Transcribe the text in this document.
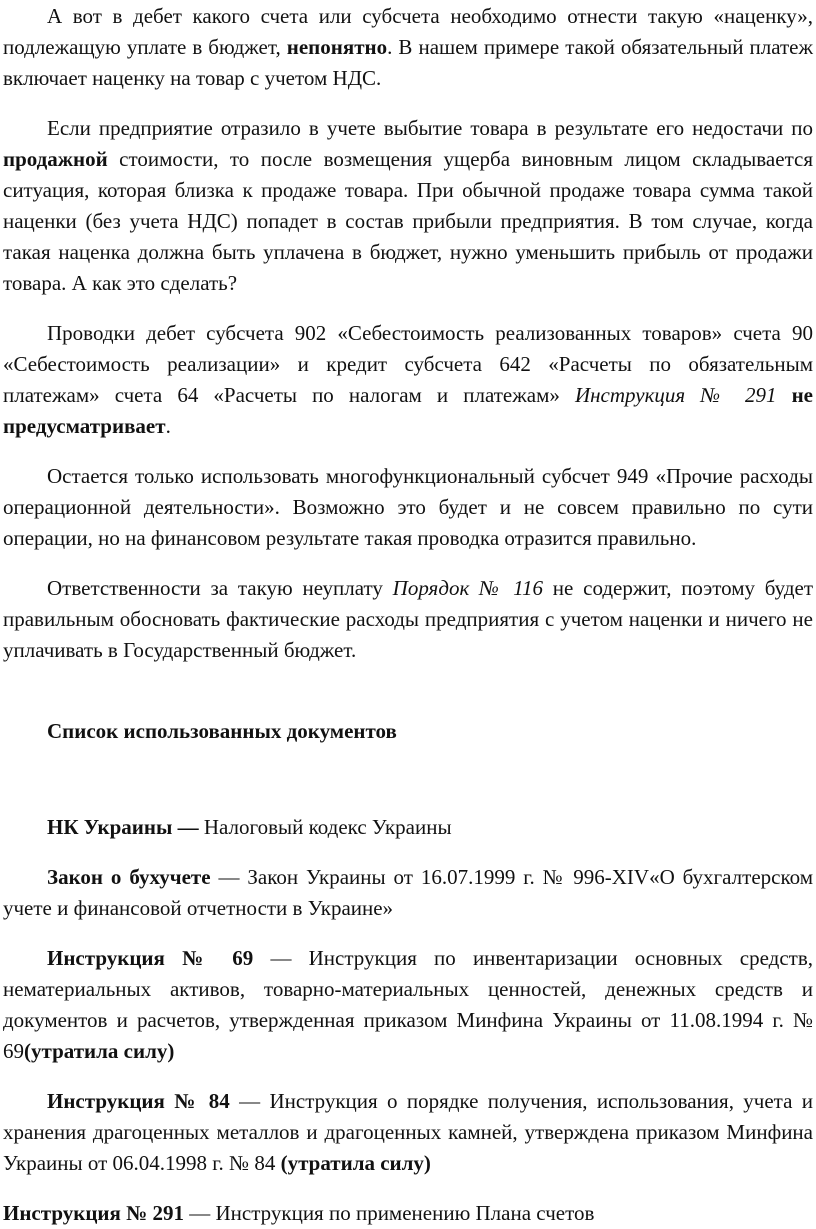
А вот в дебет какого счета или субсчета необходимо отнести такую «наценку», подлежащую уплате в бюджет, непонятно. В нашем примере такой обязательный платеж включает наценку на товар с учетом НДС.

Если предприятие отразило в учете выбытие товара в результате его недостачи по продажной стоимости, то после возмещения ущерба виновным лицом складывается ситуация, которая близка к продаже товара. При обычной продаже товара сумма такой наценки (без учета НДС) попадет в состав прибыли предприятия. В том случае, когда такая наценка должна быть уплачена в бюджет, нужно уменьшить прибыль от продажи товара. А как это сделать?

Проводки дебет субсчета 902 «Себестоимость реализованных товаров» счета 90 «Себестоимость реализации» и кредит субсчета 642 «Расчеты по обязательным платежам» счета 64 «Расчеты по налогам и платежам» Инструкция № 291 не предусматривает.

Остается только использовать многофункциональный субсчет 949 «Прочие расходы операционной деятельности». Возможно это будет и не совсем правильно по сути операции, но на финансовом результате такая проводка отразится правильно.

Ответственности за такую неуплату Порядок № 116 не содержит, поэтому будет правильным обосновать фактические расходы предприятия с учетом наценки и ничего не уплачивать в Государственный бюджет.

Список использованных документов

НК Украины — Налоговый кодекс Украины

Закон о бухучете — Закон Украины от 16.07.1999 г. № 996-XIV«О бухгалтерском учете и финансовой отчетности в Украине»

Инструкция № 69 — Инструкция по инвентаризации основных средств, нематериальных активов, товарно-материальных ценностей, денежных средств и документов и расчетов, утвержденная приказом Минфина Украины от 11.08.1994 г. № 69(утратила силу)

Инструкция № 84 — Инструкция о порядке получения, использования, учета и хранения драгоценных металлов и драгоценных камней, утверждена приказом Минфина Украины от 06.04.1998 г. № 84 (утратила силу)

Инструкция № 291 — Инструкция по применению Плана счетов
